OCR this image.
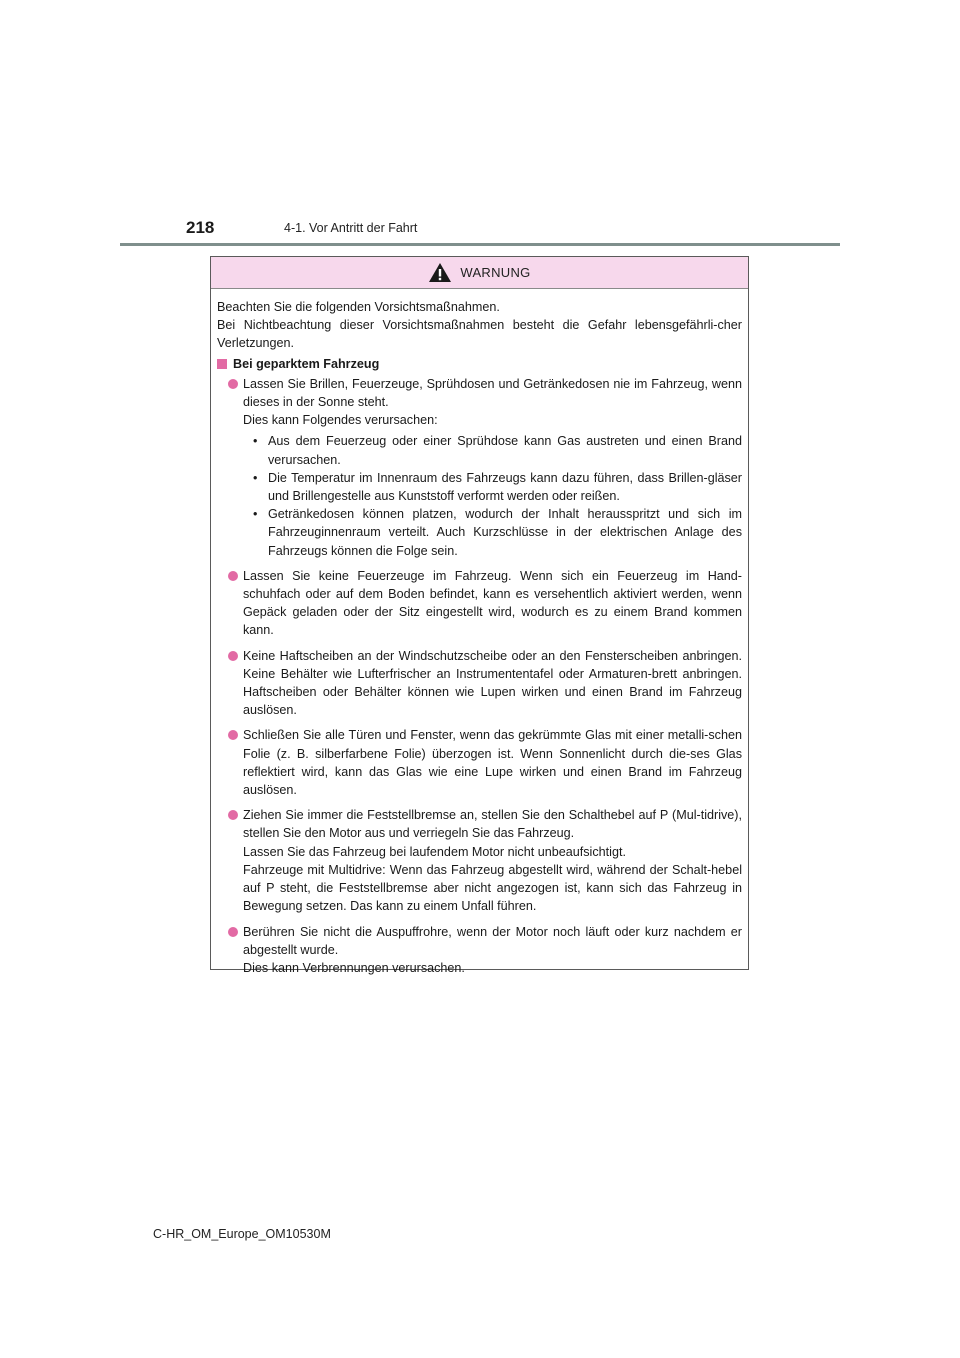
218	4-1. Vor Antritt der Fahrt
WARNUNG

Beachten Sie die folgenden Vorsichtsmaßnahmen.
Bei Nichtbeachtung dieser Vorsichtsmaßnahmen besteht die Gefahr lebensgefährli-cher Verletzungen.

Bei geparktem Fahrzeug

Lassen Sie Brillen, Feuerzeuge, Sprühdosen und Getränkedosen nie im Fahrzeug, wenn dieses in der Sonne steht.
Dies kann Folgendes verursachen:

• Aus dem Feuerzeug oder einer Sprühdose kann Gas austreten und einen Brand verursachen.
• Die Temperatur im Innenraum des Fahrzeugs kann dazu führen, dass Brillen-gläser und Brillengestelle aus Kunststoff verformt werden oder reißen.
• Getränkedosen können platzen, wodurch der Inhalt herausspritzt und sich im Fahrzeuginnenraum verteilt. Auch Kurzschlüsse in der elektrischen Anlage des Fahrzeugs können die Folge sein.

Lassen Sie keine Feuerzeuge im Fahrzeug. Wenn sich ein Feuerzeug im Hand-schuhfach oder auf dem Boden befindet, kann es versehentlich aktiviert werden, wenn Gepäck geladen oder der Sitz eingestellt wird, wodurch es zu einem Brand kommen kann.

Keine Haftscheiben an der Windschutzscheibe oder an den Fensterscheiben anbringen. Keine Behälter wie Lufterfrischer an Instrumententafel oder Armaturen-brett anbringen. Haftscheiben oder Behälter können wie Lupen wirken und einen Brand im Fahrzeug auslösen.

Schließen Sie alle Türen und Fenster, wenn das gekrümmte Glas mit einer metalli-schen Folie (z. B. silberfarbene Folie) überzogen ist. Wenn Sonnenlicht durch die-ses Glas reflektiert wird, kann das Glas wie eine Lupe wirken und einen Brand im Fahrzeug auslösen.

Ziehen Sie immer die Feststellbremse an, stellen Sie den Schalthebel auf P (Mul-tidrive), stellen Sie den Motor aus und verriegeln Sie das Fahrzeug.
Lassen Sie das Fahrzeug bei laufendem Motor nicht unbeaufsichtigt.
Fahrzeuge mit Multidrive: Wenn das Fahrzeug abgestellt wird, während der Schalt-hebel auf P steht, die Feststellbremse aber nicht angezogen ist, kann sich das Fahrzeug in Bewegung setzen. Das kann zu einem Unfall führen.

Berühren Sie nicht die Auspuffrohre, wenn der Motor noch läuft oder kurz nachdem er abgestellt wurde.
Dies kann Verbrennungen verursachen.

C-HR_OM_Europe_OM10530M
